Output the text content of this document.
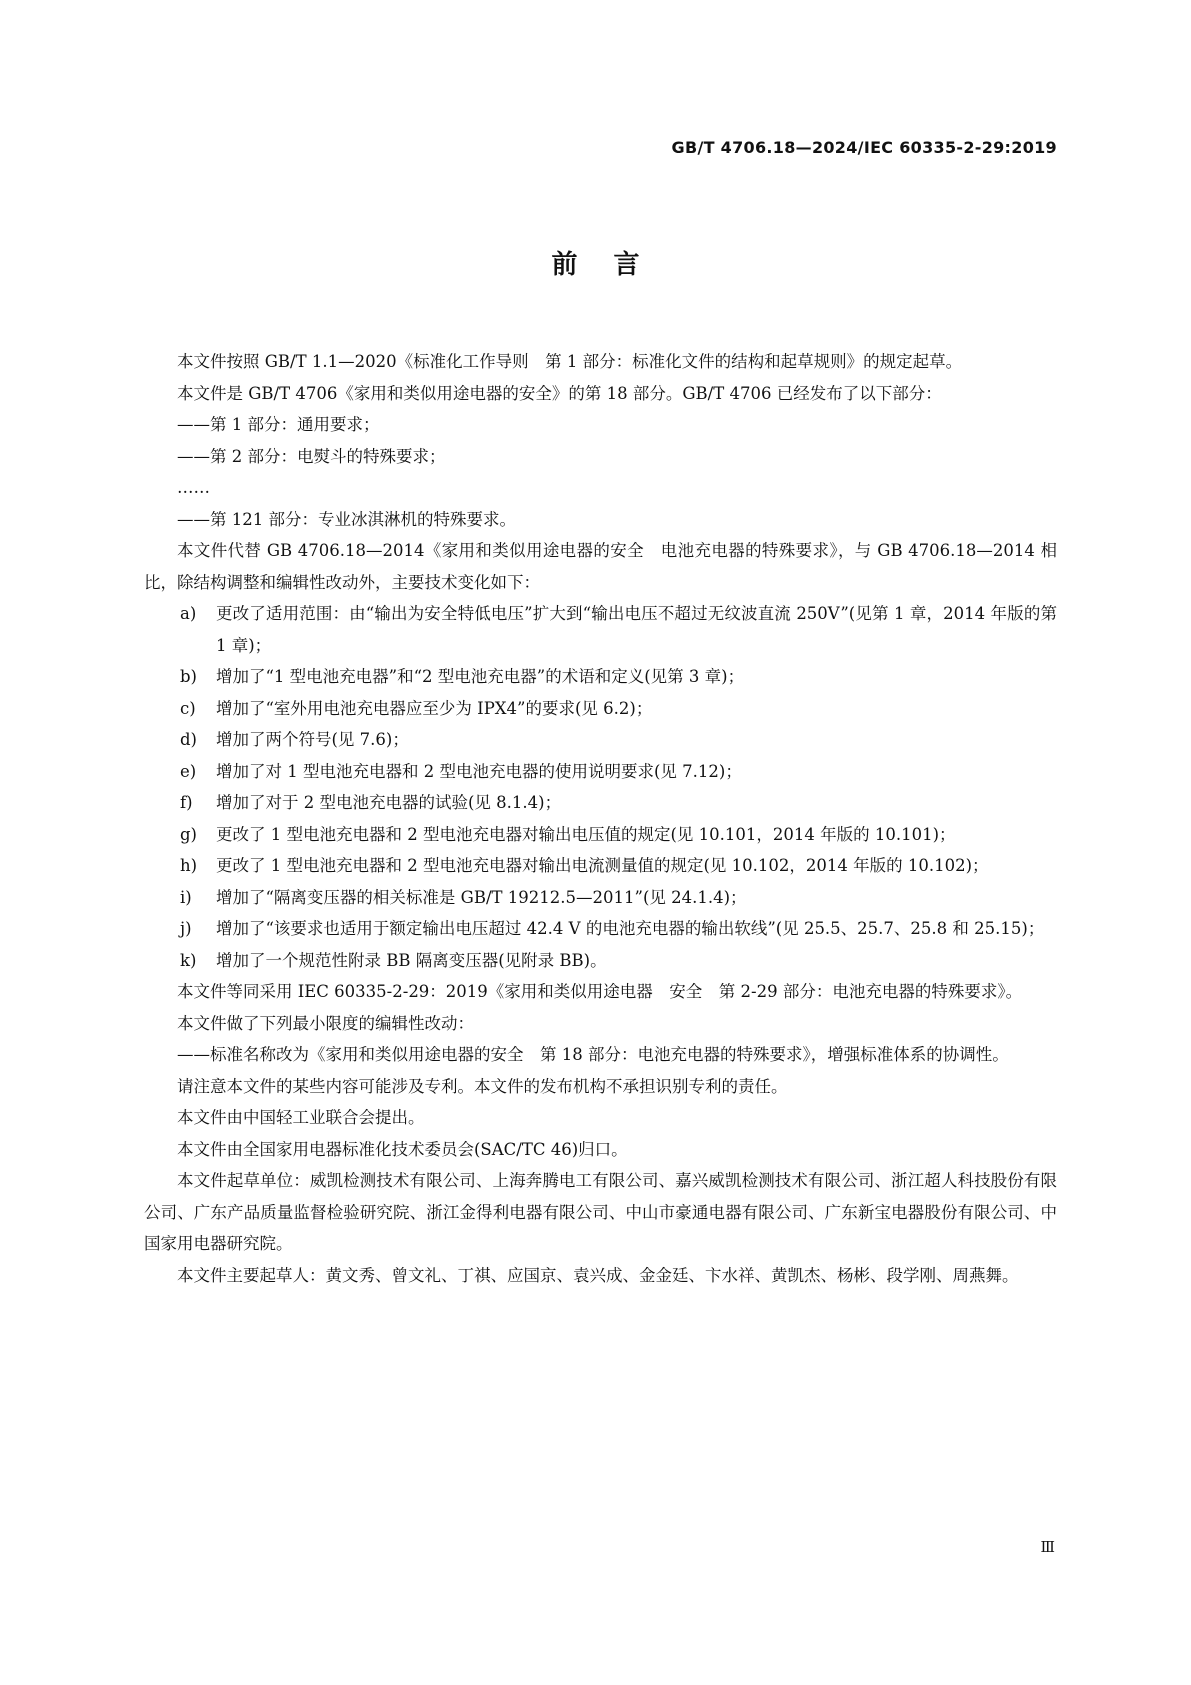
GB/T 4706.18—2024/IEC 60335-2-29:2019
前言

本文件按照 GB/T 1.1—2020《标准化工作导则　第 1 部分：标准化文件的结构和起草规则》的规定起草。

本文件是 GB/T 4706《家用和类似用途电器的安全》的第 18 部分。GB/T 4706 已经发布了以下部分：

——第 1 部分：通用要求；

——第 2 部分：电熨斗的特殊要求；

……

——第 121 部分：专业冰淇淋机的特殊要求。

本文件代替 GB 4706.18—2014《家用和类似用途电器的安全　电池充电器的特殊要求》，与 GB 4706.18—2014 相比，除结构调整和编辑性改动外，主要技术变化如下：

a)	更改了适用范围：由“输出为安全特低电压”扩大到“输出电压不超过无纹波直流 250V”(见第 1 章，2014 年版的第 1 章)；
b)	增加了“1 型电池充电器”和“2 型电池充电器”的术语和定义(见第 3 章)；
c)	增加了“室外用电池充电器应至少为 IPX4”的要求(见 6.2)；
d)	增加了两个符号(见 7.6)；
e)	增加了对 1 型电池充电器和 2 型电池充电器的使用说明要求(见 7.12)；
f)	增加了对于 2 型电池充电器的试验(见 8.1.4)；
g)	更改了 1 型电池充电器和 2 型电池充电器对输出电压值的规定(见 10.101，2014 年版的 10.101)；
h)	更改了 1 型电池充电器和 2 型电池充电器对输出电流测量值的规定(见 10.102，2014 年版的 10.102)；
i)	增加了“隔离变压器的相关标准是 GB/T 19212.5—2011”(见 24.1.4)；
j)	增加了“该要求也适用于额定输出电压超过 42.4 V 的电池充电器的输出软线”(见 25.5、25.7、25.8 和 25.15)；
k)	增加了一个规范性附录 BB 隔离变压器(见附录 BB)。

本文件等同采用 IEC 60335-2-29：2019《家用和类似用途电器　安全　第 2-29 部分：电池充电器的特殊要求》。

本文件做了下列最小限度的编辑性改动：

——标准名称改为《家用和类似用途电器的安全　第 18 部分：电池充电器的特殊要求》，增强标准体系的协调性。

请注意本文件的某些内容可能涉及专利。本文件的发布机构不承担识别专利的责任。

本文件由中国轻工业联合会提出。

本文件由全国家用电器标准化技术委员会(SAC/TC 46)归口。

本文件起草单位：威凯检测技术有限公司、上海奔腾电工有限公司、嘉兴威凯检测技术有限公司、浙江超人科技股份有限公司、广东产品质量监督检验研究院、浙江金得利电器有限公司、中山市豪通电器有限公司、广东新宝电器股份有限公司、中国家用电器研究院。

本文件主要起草人：黄文秀、曾文礼、丁祺、应国京、袁兴成、金金廷、卞水祥、黄凯杰、杨彬、段学刚、周燕舞。

Ⅲ
